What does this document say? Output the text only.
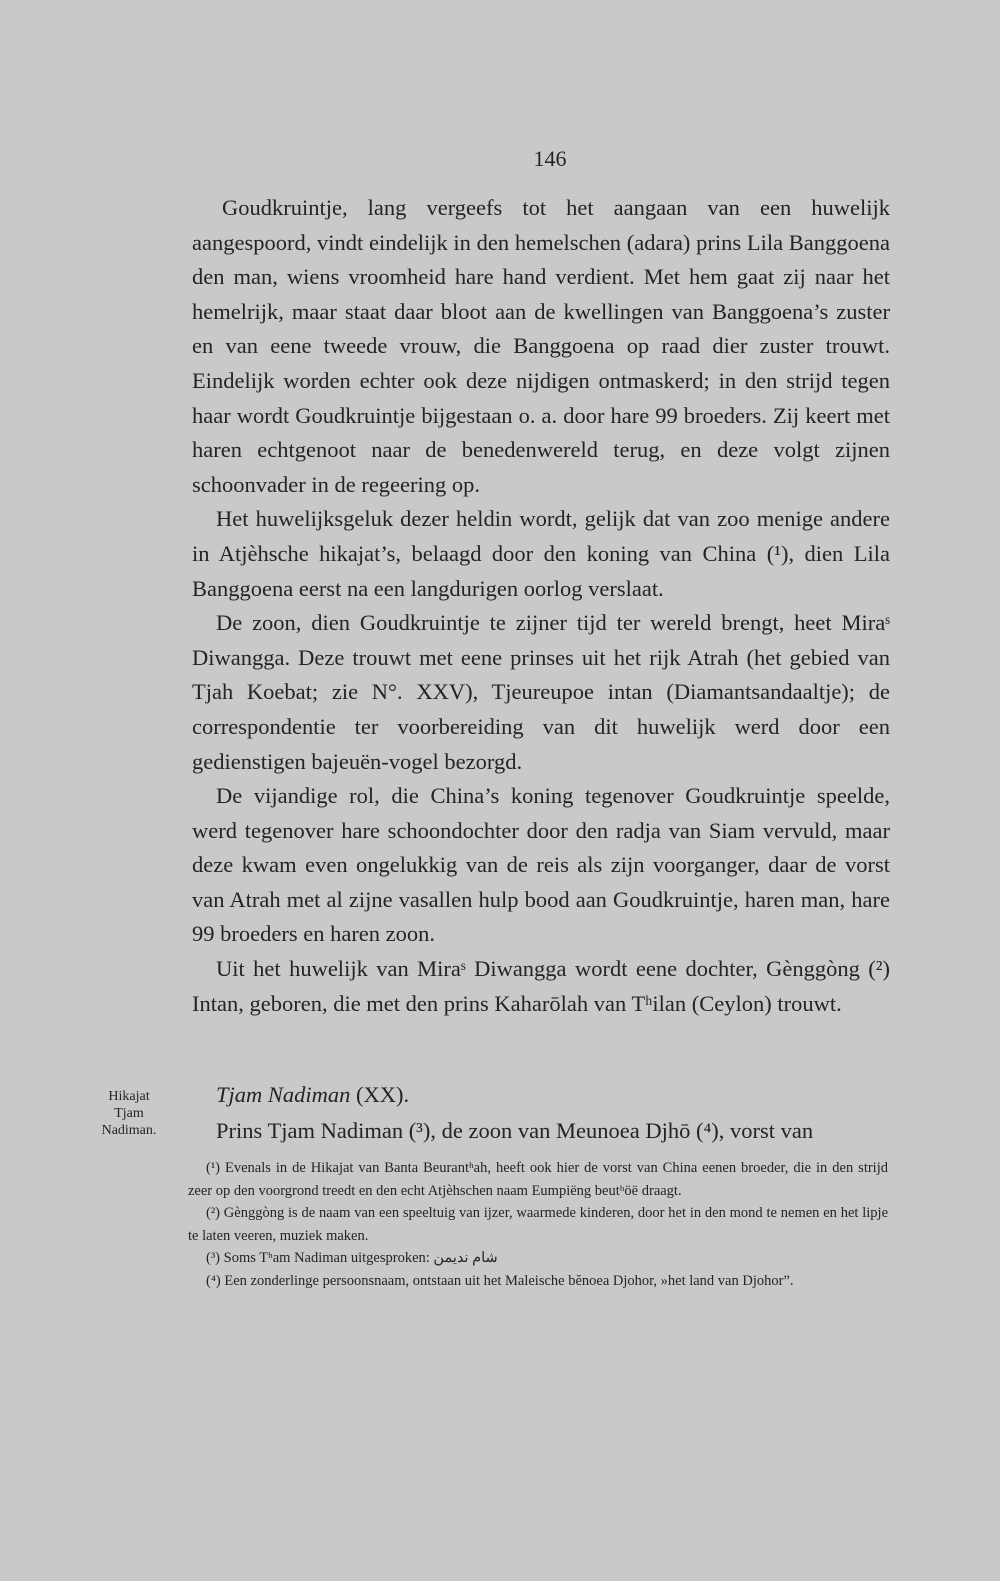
146

Goudkruintje, lang vergeefs tot het aangaan van een huwelijk aangespoord, vindt eindelijk in den hemelschen (adara) prins Lila Banggoena den man, wiens vroomheid hare hand verdient. Met hem gaat zij naar het hemelrijk, maar staat daar bloot aan de kwellingen van Banggoena’s zuster en van eene tweede vrouw, die Banggoena op raad dier zuster trouwt. Eindelijk worden echter ook deze nijdigen ontmaskerd; in den strijd tegen haar wordt Goudkruintje bijgestaan o. a. door hare 99 broeders. Zij keert met haren echtgenoot naar de benedenwereld terug, en deze volgt zijnen schoonvader in de regeering op.

Het huwelijksgeluk dezer heldin wordt, gelijk dat van zoo menige andere in Atjèhsche hikajat’s, belaagd door den koning van China (¹), dien Lila Banggoena eerst na een langdurigen oorlog verslaat.

De zoon, dien Goudkruintje te zijner tijd ter wereld brengt, heet Miraˢ Diwangga. Deze trouwt met eene prinses uit het rijk Atrah (het gebied van Tjah Koebat; zie N°. XXV), Tjeureupoe intan (Diamantsandaaltje); de correspondentie ter voorbereiding van dit huwelijk werd door een gedienstigen bajeuën-vogel bezorgd.

De vijandige rol, die China’s koning tegenover Goudkruintje speelde, werd tegenover hare schoondochter door den radja van Siam vervuld, maar deze kwam even ongelukkig van de reis als zijn voorganger, daar de vorst van Atrah met al zijne vasallen hulp bood aan Goudkruintje, haren man, hare 99 broeders en haren zoon.

Uit het huwelijk van Miraˢ Diwangga wordt eene dochter, Gènggòng (²) Intan, geboren, die met den prins Kaharōlah van Tʰilan (Ceylon) trouwt.

Hikajat
Tjam
Nadiman.

Tjam Nadiman (XX).

Prins Tjam Nadiman (³), de zoon van Meunoea Djhō (⁴), vorst van

(¹) Evenals in de Hikajat van Banta Beurantʰah, heeft ook hier de vorst van China eenen broeder, die in den strijd zeer op den voorgrond treedt en den echt Atjèhschen naam Eumpiëng beutʰöë draagt.

(²) Gènggòng is de naam van een speeltuig van ijzer, waarmede kinderen, door het in den mond te nemen en het lipje te laten veeren, muziek maken.

(³) Soms Tʰam Nadiman uitgesproken: شام نديمن

(⁴) Een zonderlinge persoonsnaam, ontstaan uit het Maleische bĕnoea Djohor, »het land van Djohor”.
